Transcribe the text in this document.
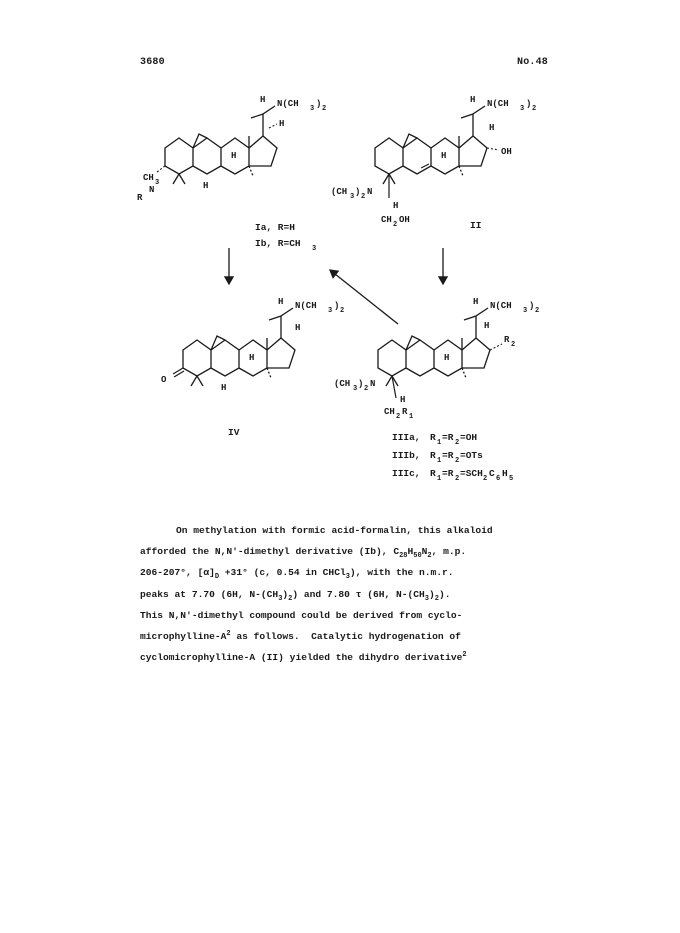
3680	No.48
H N(CH 3 ) 2
H
H
H
CH 3
N
R
Ia, R=H
Ib, R=CH 3
H N(CH 3 ) 2
H
OH
H
H
(CH 3 ) 2 N
CH 2 OH	II
H N(CH 3 ) 2
H
H
H
O
IV
H N(CH 3 ) 2
H
R 2
H
H
(CH 3 ) 2 N
CH 2 R 1
IIIa, R 1 =R 2 =OH
IIIb, R 1 =R 2 =OTs
IIIc, R 1 =R 2 =SCH 2 C 6 H 5
On methylation with formic acid-formalin, this alkaloid
afforded the N,N'-dimethyl derivative (Ib), $C_{28}H_{50}N_2$, m.p.
206-207°, $[\alpha]_D +31^\circ$ (c, 0.54 in CHCl$_3$), with the n.m.r.
peaks at 7.70 (6H, $N-(CH_3)_2$) and 7.80 τ (6H, $N-(CH_3)_2$).
This N,N'-dimethyl compound could be derived from cyclo-
microphylline-$A^2$ as follows.  Catalytic hydrogenation of
cyclomicrophylline-A (II) yielded the dihydro derivative$^2$
